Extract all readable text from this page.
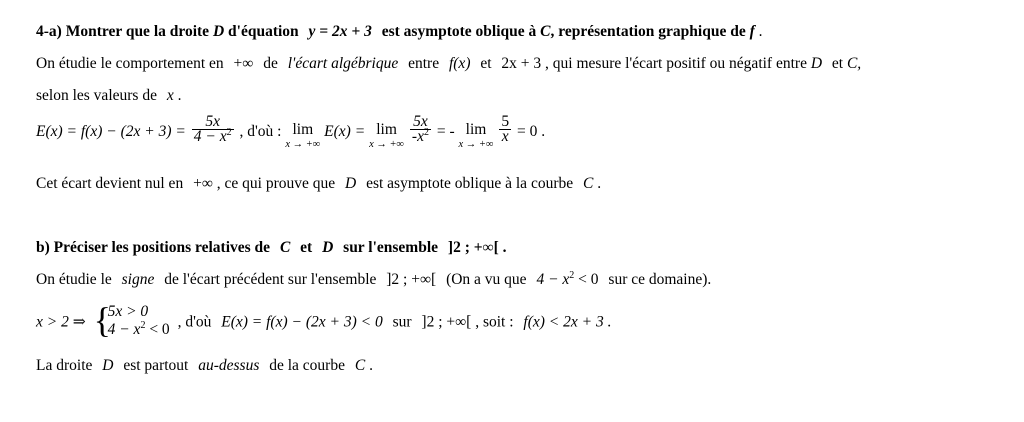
4-a) Montrer que la droite D d'équation y = 2x + 3 est asymptote oblique à C, représentation graphique de f .
On étudie le comportement en +∞ de l'écart algébrique entre f(x) et 2x + 3 , qui mesure l'écart positif ou négatif entre D et C,
selon les valeurs de x .
$E(x) = f(x) - (2x + 3) = \frac{5x}{4 - x^2}$ , d'où : lim
x → +∞
E(x) = lim
x → +∞

$\frac{5x}{-x^2}$ = - lim
x → +∞

$\frac{5}{x} = 0$ .
Cet écart devient nul en +∞ , ce qui prouve que D est asymptote oblique à la courbe C .
b) Préciser les positions relatives de C et D sur l'ensemble ]2 ; +∞[ .
On étudie le signe de l'écart précédent sur l'ensemble ]2 ; +∞[ (On a vu que $4 - x^2 < 0$ sur ce domaine).
x > 2 ⇒ {
5x > 0
$4 - x^2 < 0$ , d'où E(x) = f(x) − (2x + 3) < 0 sur ]2 ; +∞[ , soit : f(x) < 2x + 3 .
La droite D est partout au-dessus de la courbe C .
